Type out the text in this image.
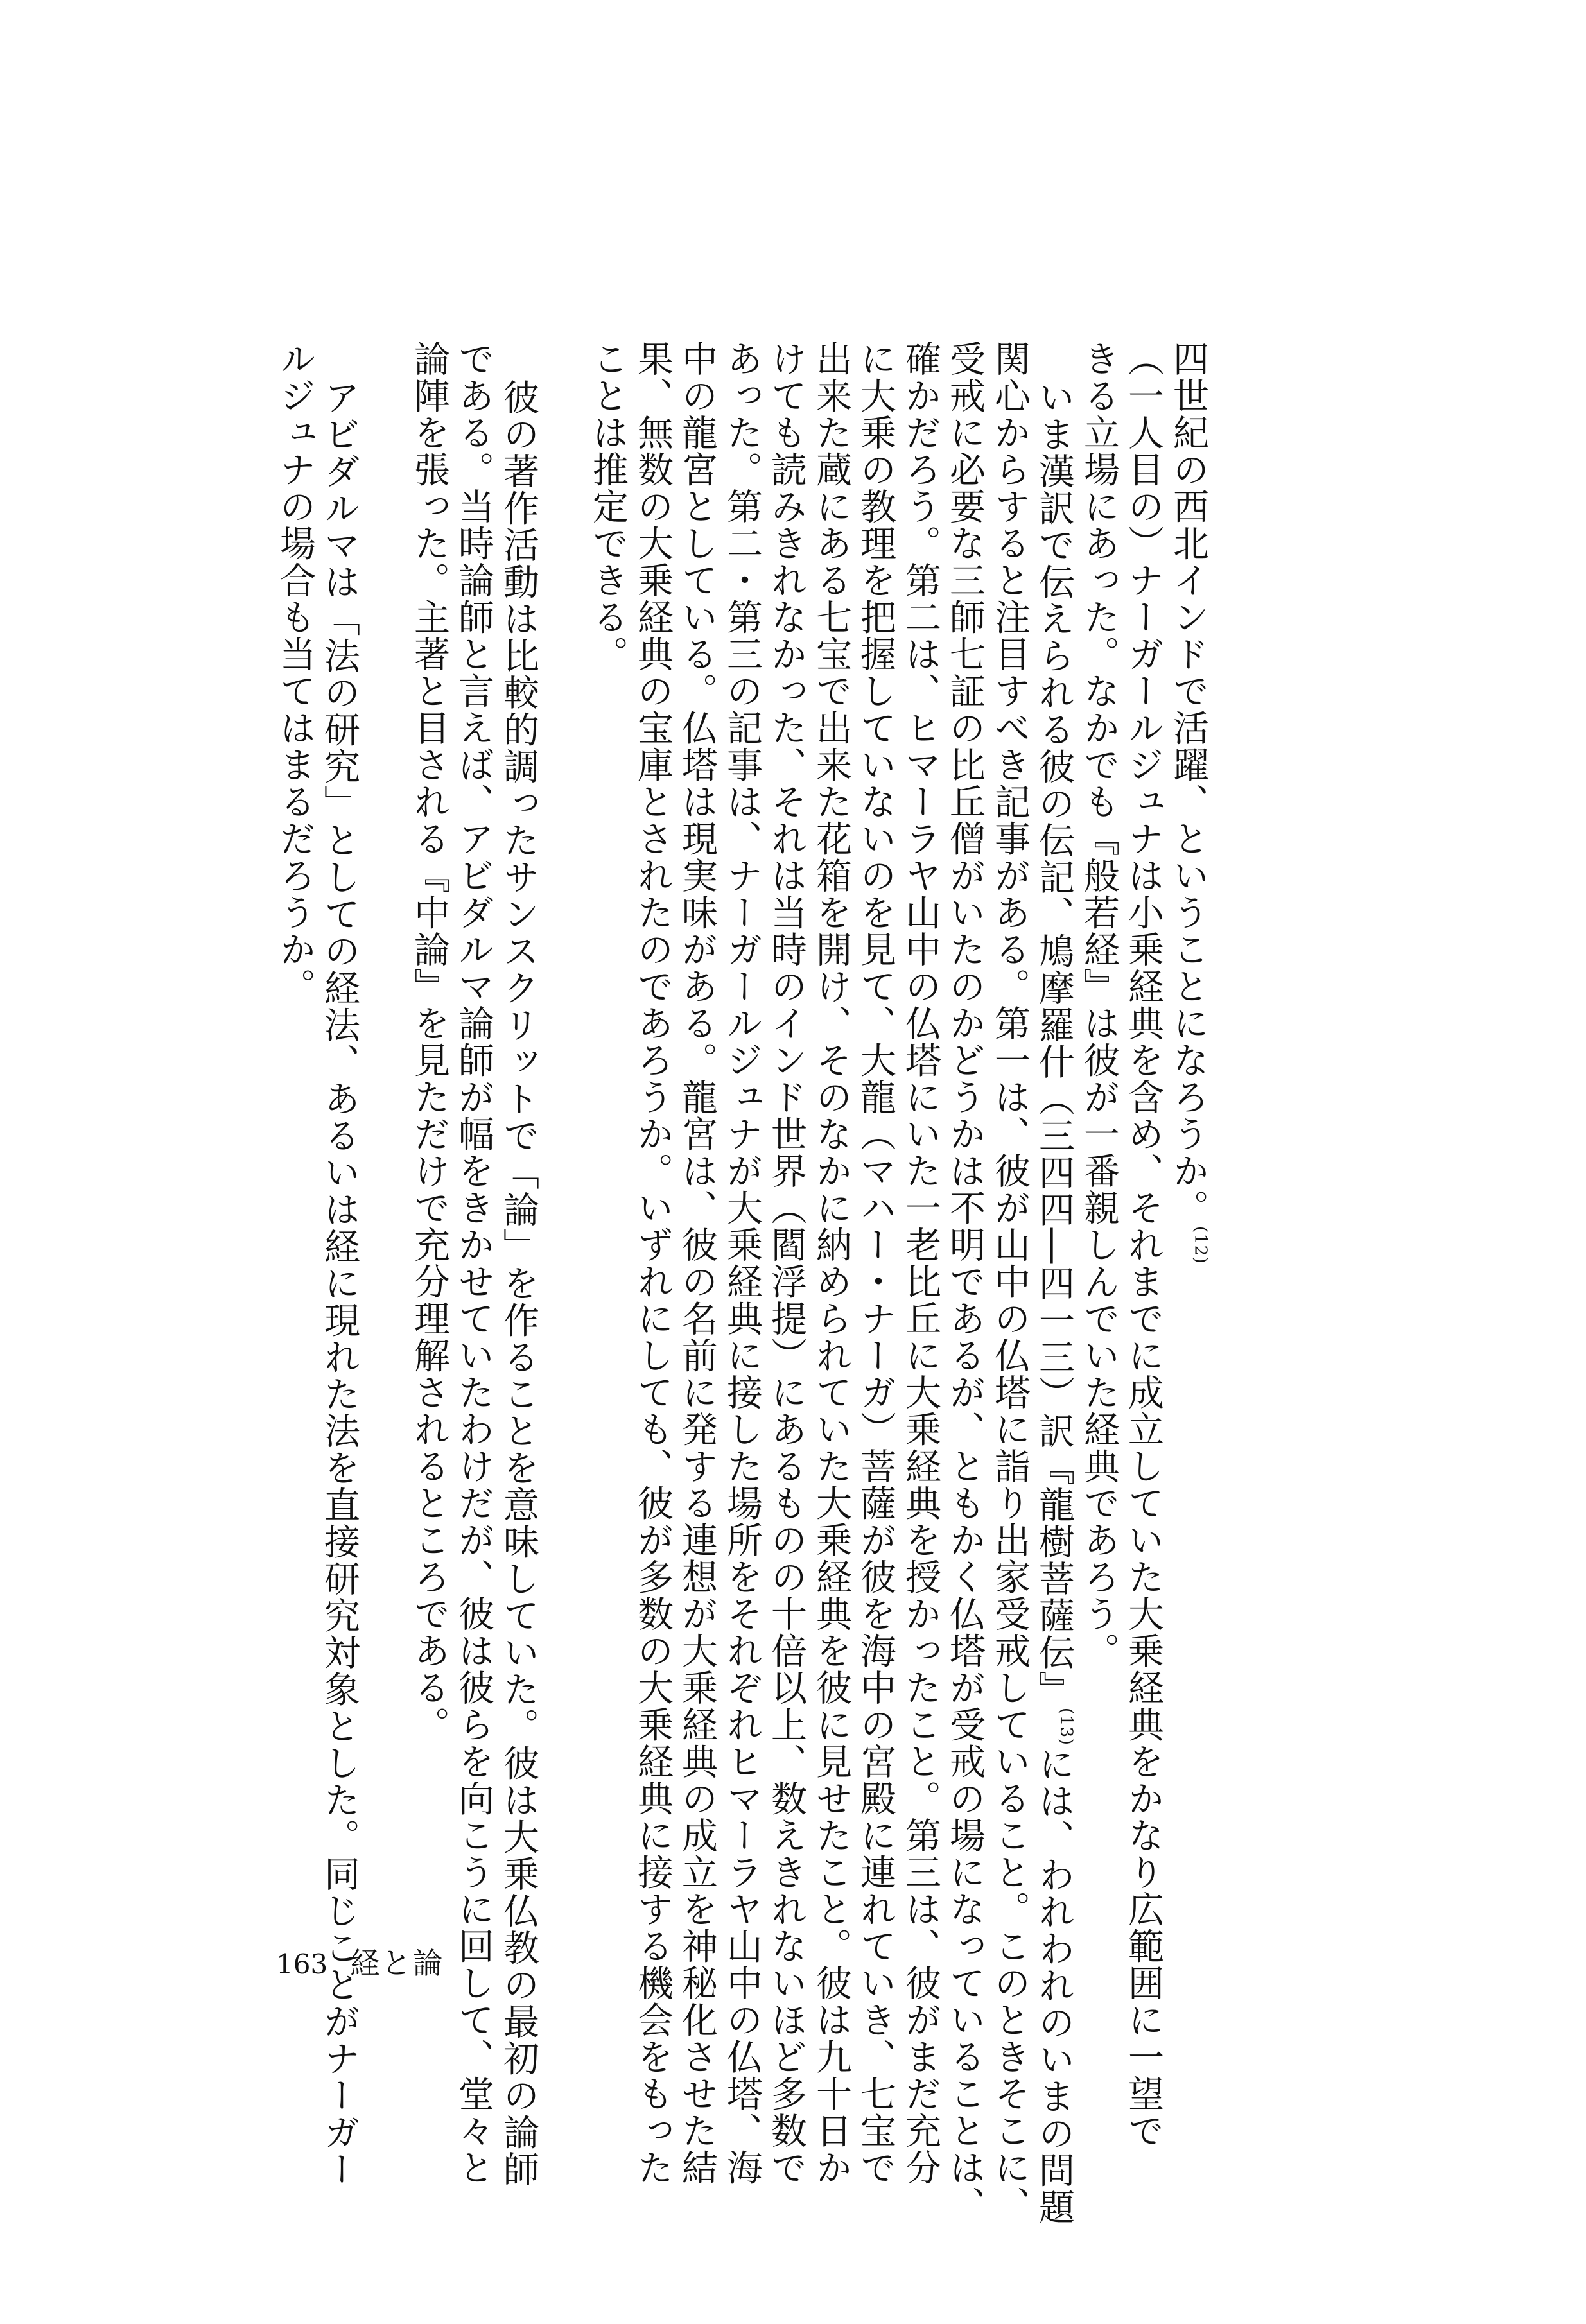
四世紀の西北インドで活躍、ということになろうか。$^{(12)}$
（一人目の）ナーガールジュナは小乗経典を含め、それまでに成立していた大乗経典をかなり広範囲に一望で
きる立場にあった。なかでも『般若経』は彼が一番親しんでいた経典であろう。
いま漢訳で伝えられる彼の伝記、鳩摩羅什（三四四―四一三）訳『龍樹菩薩伝』$^{(13)}$には、われわれのいまの問題
関心からすると注目すべき記事がある。第一は、彼が山中の仏塔に詣り出家受戒していること。このときそこに、
受戒に必要な三師七証の比丘僧がいたのかどうかは不明であるが、ともかく仏塔が受戒の場になっていることは、
確かだろう。第二は、ヒマーラヤ山中の仏塔にいた一老比丘に大乗経典を授かったこと。第三は、彼がまだ充分
に大乗の教理を把握していないのを見て、大龍（マハー・ナーガ）菩薩が彼を海中の宮殿に連れていき、七宝で
出来た蔵にある七宝で出来た花箱を開け、そのなかに納められていた大乗経典を彼に見せたこと。彼は九十日か
けても読みきれなかった、それは当時のインド世界（閻浮提）にあるものの十倍以上、数えきれないほど多数で
あった。第二・第三の記事は、ナーガールジュナが大乗経典に接した場所をそれぞれヒマーラヤ山中の仏塔、海
中の龍宮としている。仏塔は現実味がある。龍宮は、彼の名前に発する連想が大乗経典の成立を神秘化させた結
果、無数の大乗経典の宝庫とされたのであろうか。いずれにしても、彼が多数の大乗経典に接する機会をもった
ことは推定できる。
彼の著作活動は比較的調ったサンスクリットで「論」を作ることを意味していた。彼は大乗仏教の最初の論師
である。当時論師と言えば、アビダルマ論師が幅をきかせていたわけだが、彼は彼らを向こうに回して、堂々と
論陣を張った。主著と目される『中論』を見ただけで充分理解されるところである。
アビダルマは「法の研究」としての経法、あるいは経に現れた法を直接研究対象とした。同じことがナーガー
ルジュナの場合も当てはまるだろうか。
163 経と論
